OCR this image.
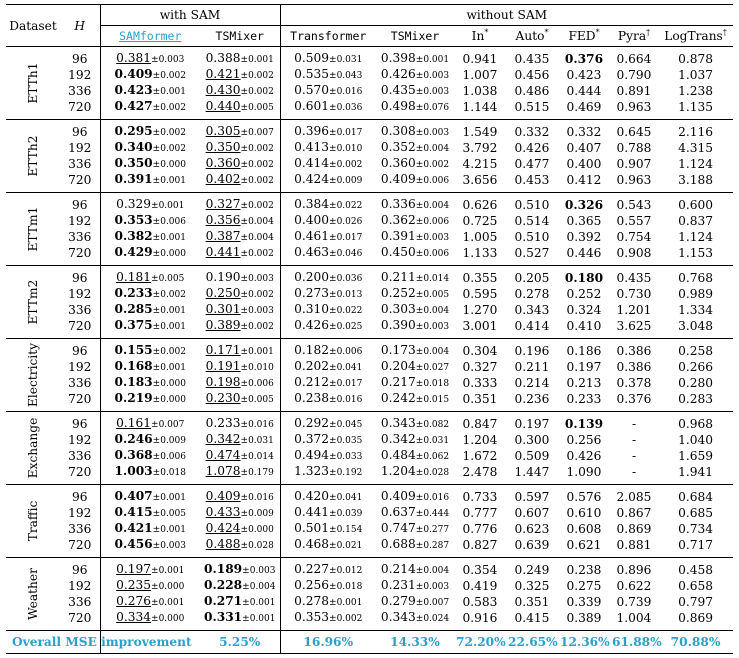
Dataset	H	with SAM		without SAM						
		SAMformer	TSMixer	Transformer	TSMixer	In*	Auto*	FED*	Pyra†	LogTrans†

ETTh1	96	0.381±0.003	0.388±0.001	0.509±0.031	0.398±0.001	0.941	0.435	0.376	0.664	0.878
	192	0.409±0.002	0.421±0.002	0.535±0.043	0.426±0.003	1.007	0.456	0.423	0.790	1.037
	336	0.423±0.001	0.430±0.002	0.570±0.016	0.435±0.003	1.038	0.486	0.444	0.891	1.238
	720	0.427±0.002	0.440±0.005	0.601±0.036	0.498±0.076	1.144	0.515	0.469	0.963	1.135

ETTh2	96	0.295±0.002	0.305±0.007	0.396±0.017	0.308±0.003	1.549	0.332	0.332	0.645	2.116
	192	0.340±0.002	0.350±0.002	0.413±0.010	0.352±0.004	3.792	0.426	0.407	0.788	4.315
	336	0.350±0.000	0.360±0.002	0.414±0.002	0.360±0.002	4.215	0.477	0.400	0.907	1.124
	720	0.391±0.001	0.402±0.002	0.424±0.009	0.409±0.006	3.656	0.453	0.412	0.963	3.188

ETTm1	96	0.329±0.001	0.327±0.002	0.384±0.022	0.336±0.004	0.626	0.510	0.326	0.543	0.600
	192	0.353±0.006	0.356±0.004	0.400±0.026	0.362±0.006	0.725	0.514	0.365	0.557	0.837
	336	0.382±0.001	0.387±0.004	0.461±0.017	0.391±0.003	1.005	0.510	0.392	0.754	1.124
	720	0.429±0.000	0.441±0.002	0.463±0.046	0.450±0.006	1.133	0.527	0.446	0.908	1.153

ETTm2	96	0.181±0.005	0.190±0.003	0.200±0.036	0.211±0.014	0.355	0.205	0.180	0.435	0.768
	192	0.233±0.002	0.250±0.002	0.273±0.013	0.252±0.005	0.595	0.278	0.252	0.730	0.989
	336	0.285±0.001	0.301±0.003	0.310±0.022	0.303±0.004	1.270	0.343	0.324	1.201	1.334
	720	0.375±0.001	0.389±0.002	0.426±0.025	0.390±0.003	3.001	0.414	0.410	3.625	3.048

Electricity	96	0.155±0.002	0.171±0.001	0.182±0.006	0.173±0.004	0.304	0.196	0.186	0.386	0.258
	192	0.168±0.001	0.191±0.010	0.202±0.041	0.204±0.027	0.327	0.211	0.197	0.386	0.266
	336	0.183±0.000	0.198±0.006	0.212±0.017	0.217±0.018	0.333	0.214	0.213	0.378	0.280
	720	0.219±0.000	0.230±0.005	0.238±0.016	0.242±0.015	0.351	0.236	0.233	0.376	0.283

Exchange	96	0.161±0.007	0.233±0.016	0.292±0.045	0.343±0.082	0.847	0.197	0.139	-	0.968
	192	0.246±0.009	0.342±0.031	0.372±0.035	0.342±0.031	1.204	0.300	0.256	-	1.040
	336	0.368±0.006	0.474±0.014	0.494±0.033	0.484±0.062	1.672	0.509	0.426	-	1.659
	720	1.003±0.018	1.078±0.179	1.323±0.192	1.204±0.028	2.478	1.447	1.090	-	1.941

Traffic	96	0.407±0.001	0.409±0.016	0.420±0.041	0.409±0.016	0.733	0.597	0.576	2.085	0.684
	192	0.415±0.005	0.433±0.009	0.441±0.039	0.637±0.444	0.777	0.607	0.610	0.867	0.685
	336	0.421±0.001	0.424±0.000	0.501±0.154	0.747±0.277	0.776	0.623	0.608	0.869	0.734
	720	0.456±0.003	0.488±0.028	0.468±0.021	0.688±0.287	0.827	0.639	0.621	0.881	0.717

Weather	96	0.197±0.001	0.189±0.003	0.227±0.012	0.214±0.004	0.354	0.249	0.238	0.896	0.458
	192	0.235±0.000	0.228±0.004	0.256±0.018	0.231±0.003	0.419	0.325	0.275	0.622	0.658
	336	0.276±0.001	0.271±0.001	0.278±0.001	0.279±0.007	0.583	0.351	0.339	0.739	0.797
	720	0.334±0.000	0.331±0.001	0.353±0.002	0.343±0.024	0.916	0.415	0.389	1.004	0.869
Overall MSE improvement			5.25%	16.96%	14.33%	72.20%	22.65%	12.36%	61.88%	70.88%
